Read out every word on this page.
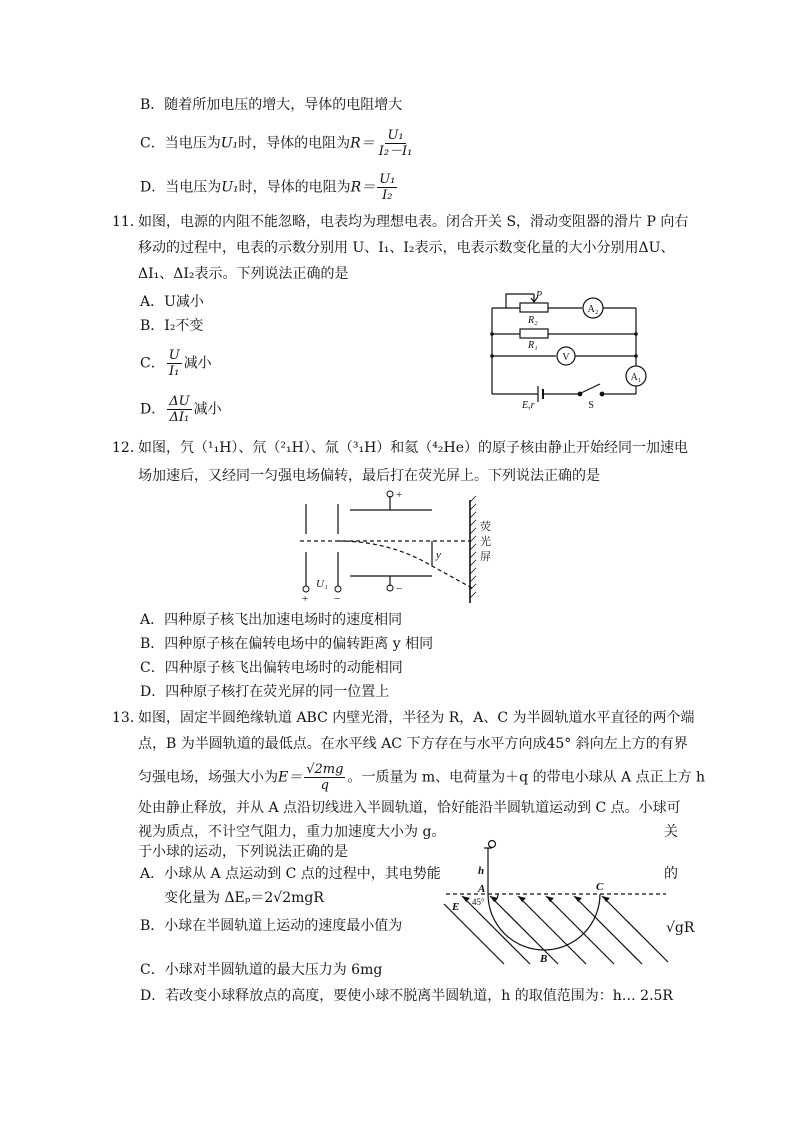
B．随着所加电压的增大，导体的电阻增大
C．当电压为U₁时，导体的电阻为$R= \frac{\text{U₁}}{\text{I₂－I₁}}$
D．当电压为U₁时，导体的电阻为$R= \frac{\text{U₁}}{\text{I₂}}$
11．如图，电源的内阻不能忽略，电表均为理想电表。闭合开关 S，滑动变阻器的滑片 P 向右
移动的过程中，电表的示数分别用 U、I₁、I₂表示，电表示数变化量的大小分别用ΔU、
ΔI₁、ΔI₂表示。下列说法正确的是
A．U减小
B．I₂不变
C． $\frac{U}{\text{I₁}}$ 减小
D． $\frac{\Delta U}{\text{ΔI₁}}$ 减小
P
R₂
R₁
E,r
A₂
V
A₁
S
12．如图，氕（¹₁H）、氘（²₁H）、氚（³₁H）和氦（⁴₂He）的原子核由静止开始经同一加速电
场加速后，又经同一匀强电场偏转，最后打在荧光屏上。下列说法正确的是
+
−
+ −
U₁
y
荧
光
屏
A．四种原子核飞出加速电场时的速度相同
B．四种原子核在偏转电场中的偏转距离 y 相同
C．四种原子核飞出偏转电场时的动能相同
D．四种原子核打在荧光屏的同一位置上
13．如图，固定半圆绝缘轨道 ABC 内壁光滑，半径为 R，A、C 为半圆轨道水平直径的两个端
点，B 为半圆轨道的最低点。在水平线 AC 下方存在与水平方向成45° 斜向左上方的有界
匀强电场，场强大小为$E= \frac{√2mg}{q}$ 。一质量为 m、电荷量为＋q 的带电小球从 A 点正上方 h
处由静止释放，并从 A 点沿切线进入半圆轨道，恰好能沿半圆轨道运动到 C 点。小球可
视为质点，不计空气阻力，重力加速度大小为 g。	关
于小球的运动，下列说法正确的是
A．小球从 A 点运动到 C 点的过程中，其电势能	的
变化量为 ΔEₚ＝2√2mgR
B．小球在半圆轨道上运动的速度最小值为	√gR
C．小球对半圆轨道的最大压力为 6mg
D．若改变小球释放点的高度，要使小球不脱离半圆轨道，h 的取值范围为：h… 2.5R
h
A	C
E
B
45°
